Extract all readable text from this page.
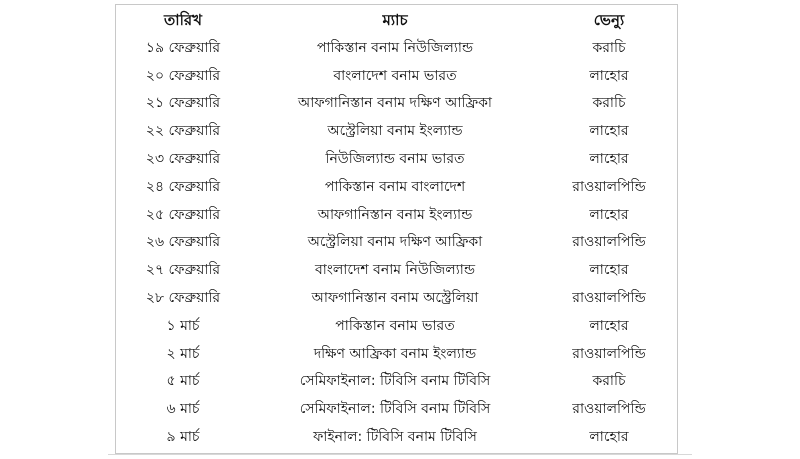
তারিখ	ম্যাচ	ভেন্যু
১৯ ফেব্রুয়ারি	পাকিস্তান বনাম নিউজিল্যান্ড	করাচি
২০ ফেব্রুয়ারি	বাংলাদেশ বনাম ভারত	লাহোর
২১ ফেব্রুয়ারি	আফগানিস্তান বনাম দক্ষিণ আফ্রিকা	করাচি
২২ ফেব্রুয়ারি	অস্ট্রেলিয়া বনাম ইংল্যান্ড	লাহোর
২৩ ফেব্রুয়ারি	নিউজিল্যান্ড বনাম ভারত	লাহোর
২৪ ফেব্রুয়ারি	পাকিস্তান বনাম বাংলাদেশ	রাওয়ালপিন্ডি
২৫ ফেব্রুয়ারি	আফগানিস্তান বনাম ইংল্যান্ড	লাহোর
২৬ ফেব্রুয়ারি	অস্ট্রেলিয়া বনাম দক্ষিণ আফ্রিকা	রাওয়ালপিন্ডি
২৭ ফেব্রুয়ারি	বাংলাদেশ বনাম নিউজিল্যান্ড	লাহোর
২৮ ফেব্রুয়ারি	আফগানিস্তান বনাম অস্ট্রেলিয়া	রাওয়ালপিন্ডি
১ মার্চ	পাকিস্তান বনাম ভারত	লাহোর
২ মার্চ	দক্ষিণ আফ্রিকা বনাম ইংল্যান্ড	রাওয়ালপিন্ডি
৫ মার্চ	সেমিফাইনাল: টিবিসি বনাম টিবিসি	করাচি
৬ মার্চ	সেমিফাইনাল: টিবিসি বনাম টিবিসি	রাওয়ালপিন্ডি
৯ মার্চ	ফাইনাল: টিবিসি বনাম টিবিসি	লাহোর
